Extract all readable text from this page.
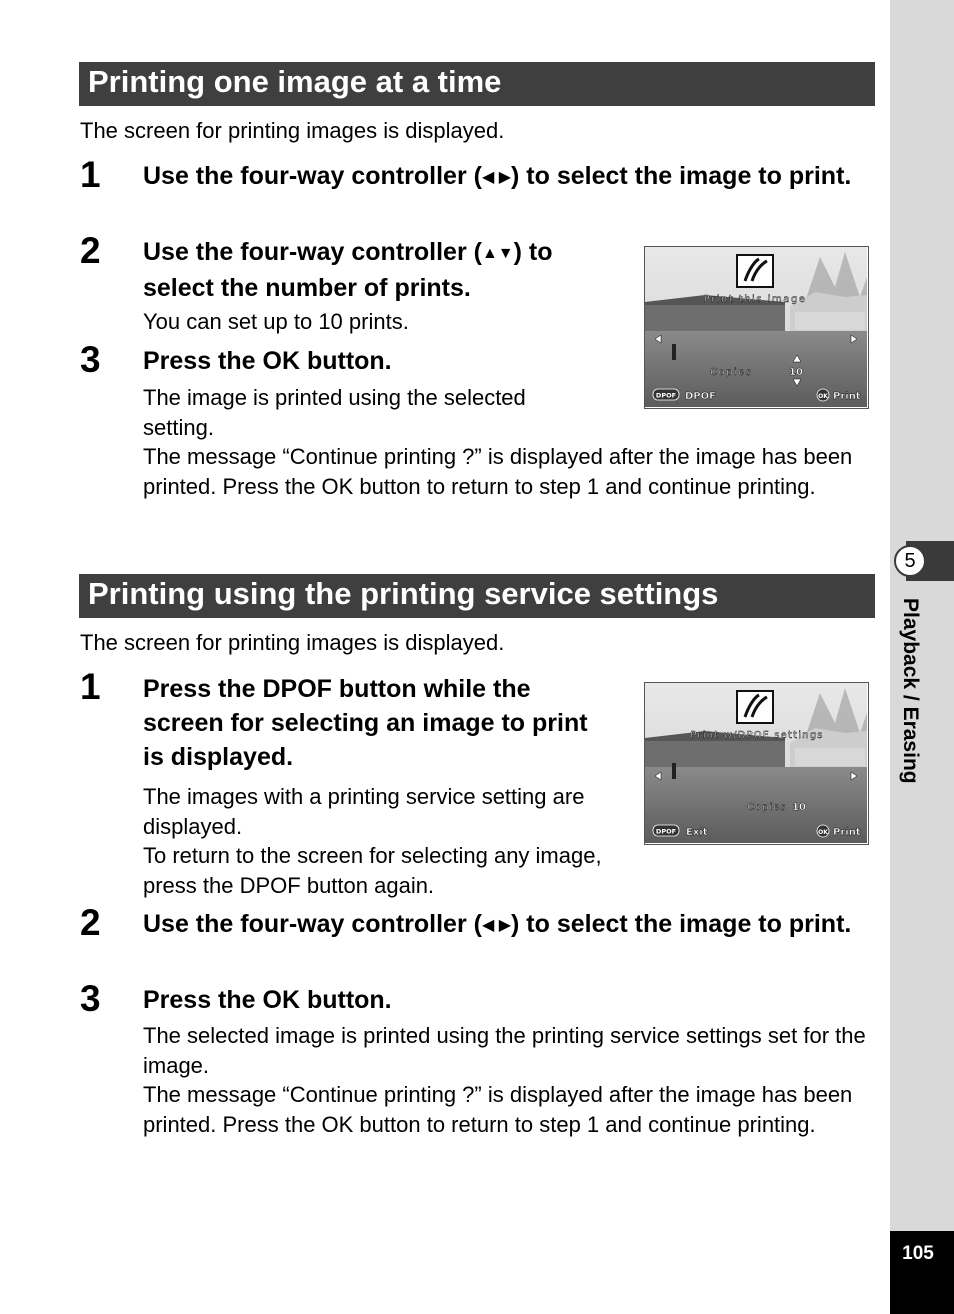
5
Playback / Erasing
105
Printing one image at a time
The screen for printing images is displayed.
1 Use the four-way controller (◀ ▶) to select the image to print.
2 Use the four-way controller (▲▼) to select the number of prints.
You can set up to 10 prints.
3 Press the OK button.
The image is printed using the selected setting.
The message “Continue printing ?” is displayed after the image has been printed. Press the OK button to return to step 1 and continue printing.
Print this image
Copies	10
DPOF DPOF	OK Print
Printing using the printing service settings
The screen for printing images is displayed.
1 Press the DPOF button while the screen for selecting an image to print is displayed.
The images with a printing service setting are displayed.
To return to the screen for selecting any image, press the DPOF button again.
2 Use the four-way controller (◀ ▶) to select the image to print.
3 Press the OK button.
The selected image is printed using the printing service settings set for the image.
The message “Continue printing ?” is displayed after the image has been printed. Press the OK button to return to step 1 and continue printing.
Print w/DPOF settings
Copies 10
DPOF Exit	OK Print
